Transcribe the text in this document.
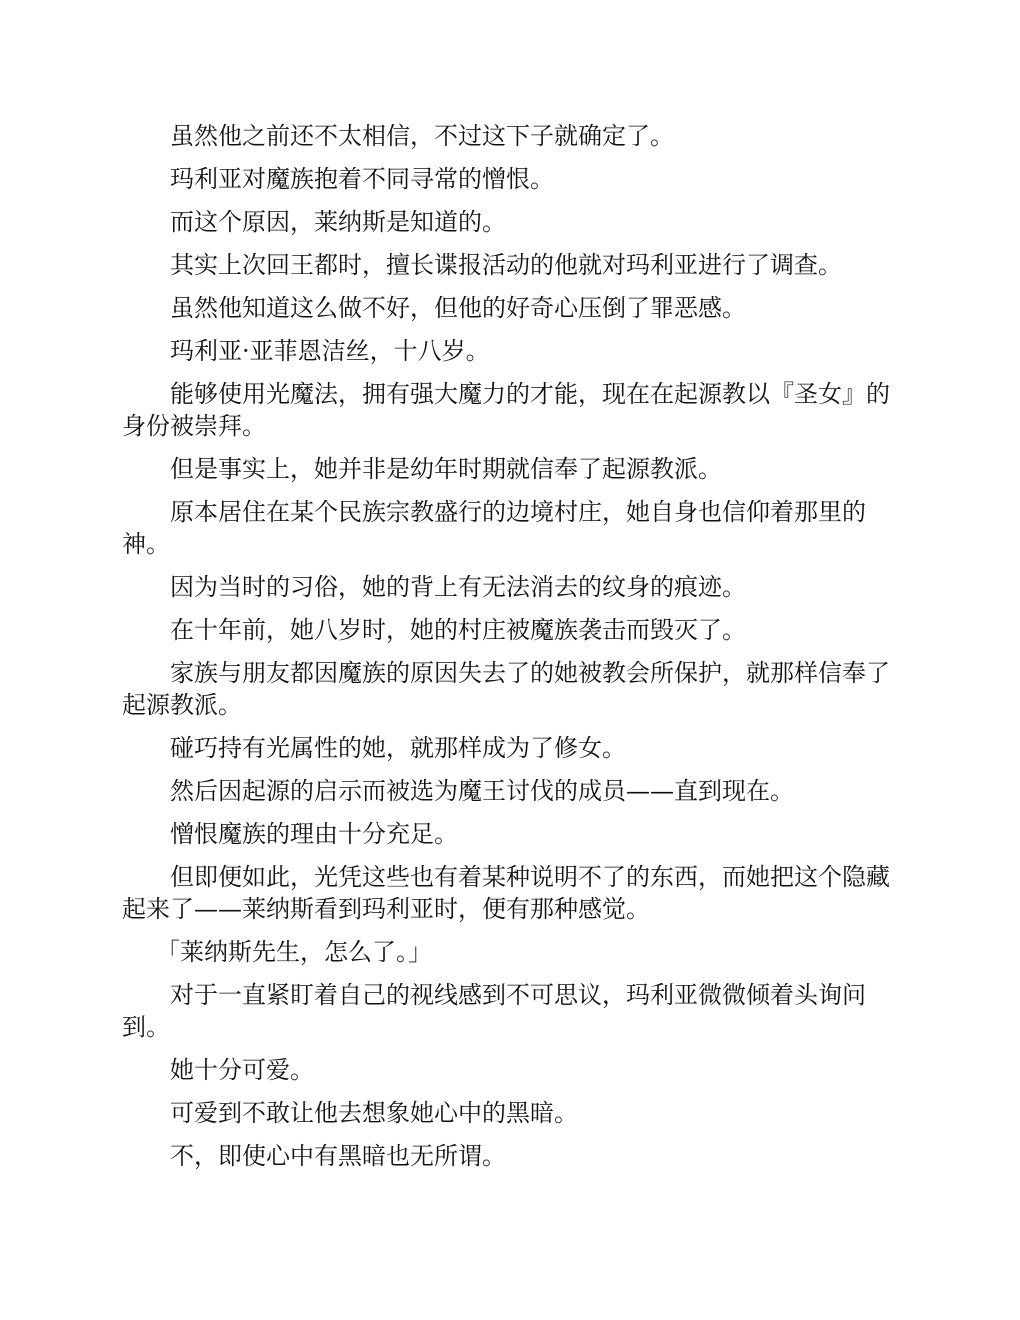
虽然他之前还不太相信，不过这下子就确定了。

玛利亚对魔族抱着不同寻常的憎恨。

而这个原因，莱纳斯是知道的。

其实上次回王都时，擅长谍报活动的他就对玛利亚进行了调查。

虽然他知道这么做不好，但他的好奇心压倒了罪恶感。

玛利亚·亚菲恩洁丝，十八岁。

能够使用光魔法，拥有强大魔力的才能，现在在起源教以『圣女』的身份被崇拜。

但是事实上，她并非是幼年时期就信奉了起源教派。

原本居住在某个民族宗教盛行的边境村庄，她自身也信仰着那里的神。

因为当时的习俗，她的背上有无法消去的纹身的痕迹。

在十年前，她八岁时，她的村庄被魔族袭击而毁灭了。

家族与朋友都因魔族的原因失去了的她被教会所保护，就那样信奉了起源教派。

碰巧持有光属性的她，就那样成为了修女。

然后因起源的启示而被选为魔王讨伐的成员——直到现在。

憎恨魔族的理由十分充足。

但即便如此，光凭这些也有着某种说明不了的东西，而她把这个隐藏起来了——莱纳斯看到玛利亚时，便有那种感觉。

「莱纳斯先生，怎么了。」

对于一直紧盯着自己的视线感到不可思议，玛利亚微微倾着头询问到。

她十分可爱。

可爱到不敢让他去想象她心中的黑暗。

不，即使心中有黑暗也无所谓。
